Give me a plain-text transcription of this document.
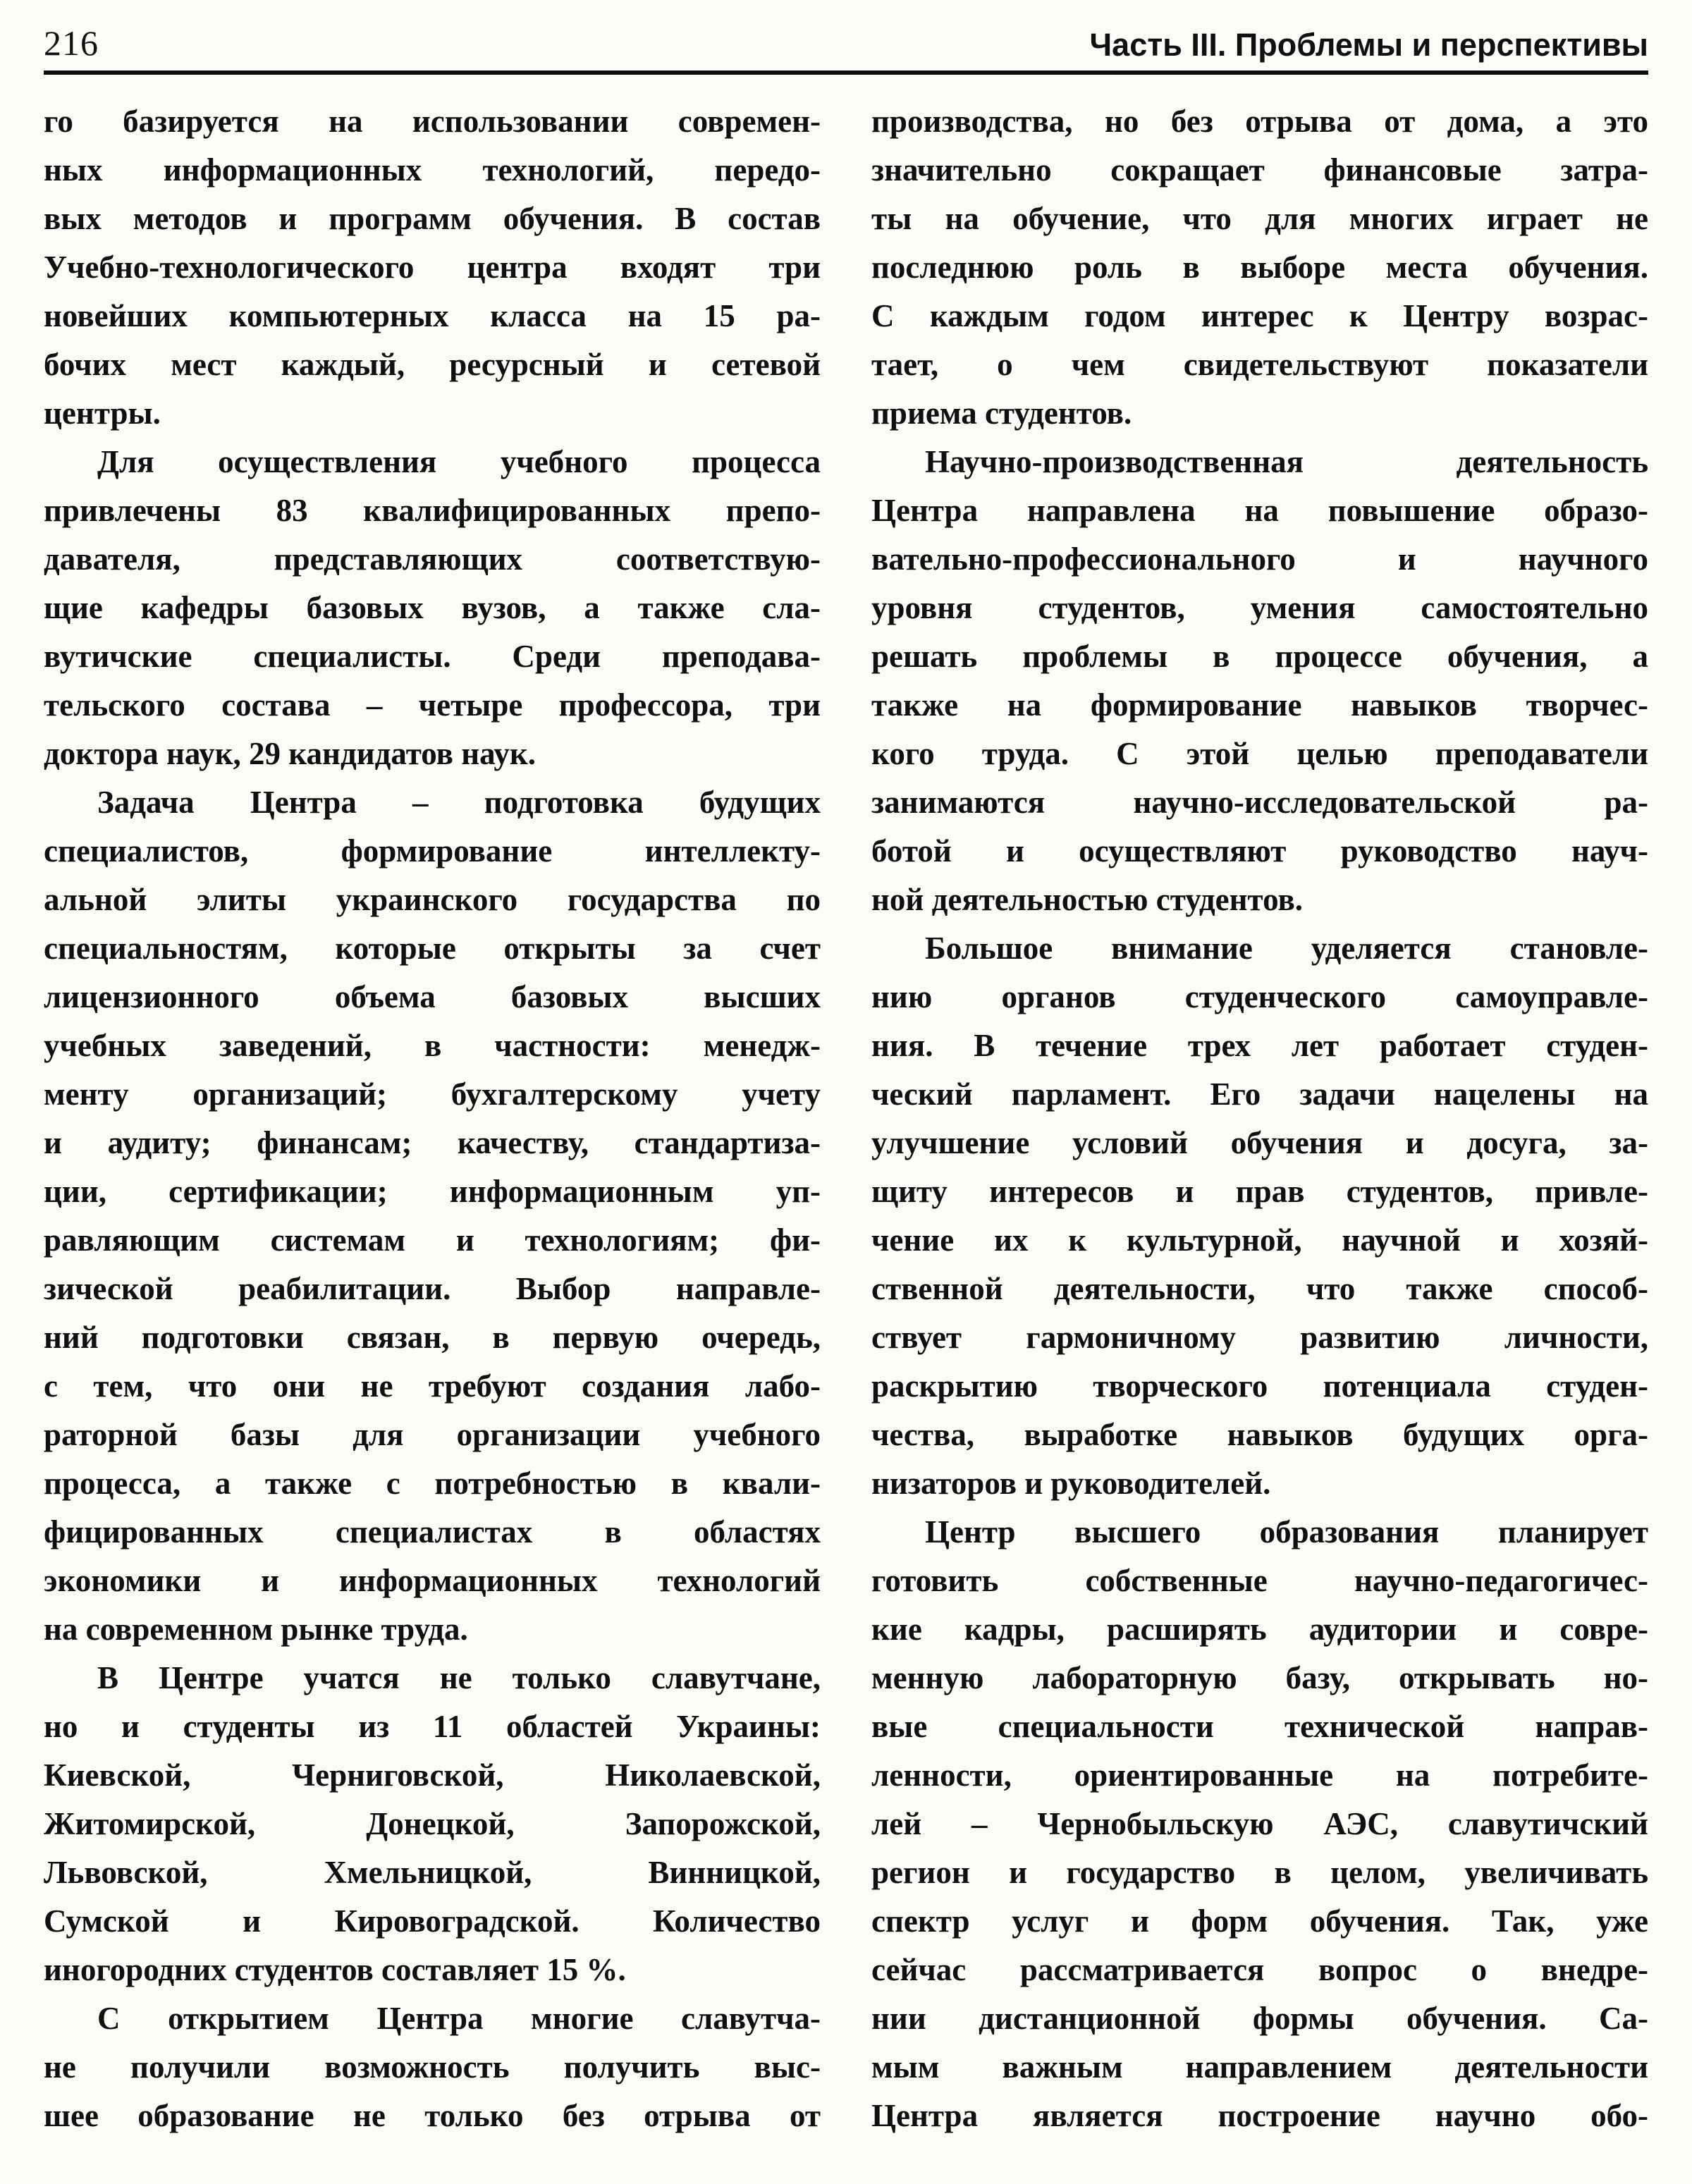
216	Часть III. Проблемы и перспективы
го базируется на использовании современ-
ных информационных технологий, передо-
вых методов и программ обучения. В состав
Учебно-технологического центра входят три
новейших компьютерных класса на 15 ра-
бочих мест каждый, ресурсный и сетевой
центры.
Для осуществления учебного процесса
привлечены 83 квалифицированных препо-
давателя, представляющих соответствую-
щие кафедры базовых вузов, а также сла-
вутичские специалисты. Среди преподава-
тельского состава – четыре профессора, три
доктора наук, 29 кандидатов наук.
Задача Центра – подготовка будущих
специалистов, формирование интеллекту-
альной элиты украинского государства по
специальностям, которые открыты за счет
лицензионного объема базовых высших
учебных заведений, в частности: менедж-
менту организаций; бухгалтерскому учету
и аудиту; финансам; качеству, стандартиза-
ции, сертификации; информационным уп-
равляющим системам и технологиям; фи-
зической реабилитации. Выбор направле-
ний подготовки связан, в первую очередь,
с тем, что они не требуют создания лабо-
раторной базы для организации учебного
процесса, а также с потребностью в квали-
фицированных специалистах в областях
экономики и информационных технологий
на современном рынке труда.
В Центре учатся не только славутчане,
но и студенты из 11 областей Украины:
Киевской, Черниговской, Николаевской,
Житомирской, Донецкой, Запорожской,
Львовской, Хмельницкой, Винницкой,
Сумской и Кировоградской. Количество
иногородних студентов составляет 15 %.
С открытием Центра многие славутча-
не получили возможность получить выс-
шее образование не только без отрыва от
производства, но без отрыва от дома, а это
значительно сокращает финансовые затра-
ты на обучение, что для многих играет не
последнюю роль в выборе места обучения.
С каждым годом интерес к Центру возрас-
тает, о чем свидетельствуют показатели
приема студентов.
Научно-производственная деятельность
Центра направлена на повышение образо-
вательно-профессионального и научного
уровня студентов, умения самостоятельно
решать проблемы в процессе обучения, а
также на формирование навыков творчес-
кого труда. С этой целью преподаватели
занимаются научно-исследовательской ра-
ботой и осуществляют руководство науч-
ной деятельностью студентов.
Большое внимание уделяется становле-
нию органов студенческого самоуправле-
ния. В течение трех лет работает студен-
ческий парламент. Его задачи нацелены на
улучшение условий обучения и досуга, за-
щиту интересов и прав студентов, привле-
чение их к культурной, научной и хозяй-
ственной деятельности, что также способ-
ствует гармоничному развитию личности,
раскрытию творческого потенциала студен-
чества, выработке навыков будущих орга-
низаторов и руководителей.
Центр высшего образования планирует
готовить собственные научно-педагогичес-
кие кадры, расширять аудитории и совре-
менную лабораторную базу, открывать но-
вые специальности технической направ-
ленности, ориентированные на потребите-
лей – Чернобыльскую АЭС, славутичский
регион и государство в целом, увеличивать
спектр услуг и форм обучения. Так, уже
сейчас рассматривается вопрос о внедре-
нии дистанционной формы обучения. Са-
мым важным направлением деятельности
Центра является построение научно обо-
